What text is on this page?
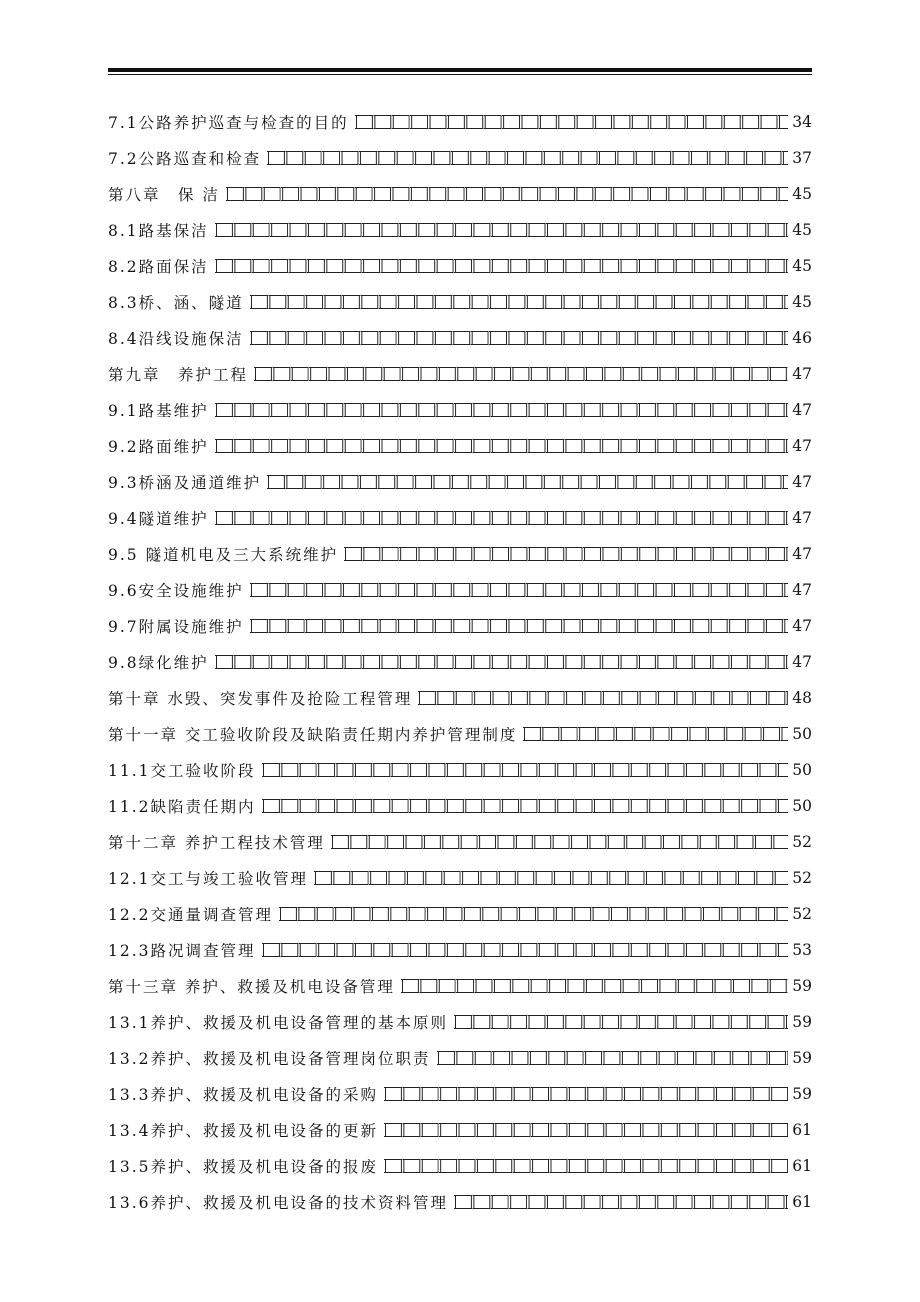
7.1公路养护巡查与检查的目的	34
7.2公路巡查和检查	37
第八章　保 洁	45
8.1路基保洁	45
8.2路面保洁	45
8.3桥、涵、隧道	45
8.4沿线设施保洁	46
第九章　养护工程	47
9.1路基维护	47
9.2路面维护	47
9.3桥涵及通道维护	47
9.4隧道维护	47
9.5 隧道机电及三大系统维护	47
9.6安全设施维护	47
9.7附属设施维护	47
9.8绿化维护	47
第十章 水毁、突发事件及抢险工程管理	48
第十一章 交工验收阶段及缺陷责任期内养护管理制度	50
11.1交工验收阶段	50
11.2缺陷责任期内	50
第十二章 养护工程技术管理	52
12.1交工与竣工验收管理	52
12.2交通量调查管理	52
12.3路况调查管理	53
第十三章 养护、救援及机电设备管理	59
13.1养护、救援及机电设备管理的基本原则	59
13.2养护、救援及机电设备管理岗位职责	59
13.3养护、救援及机电设备的采购	59
13.4养护、救援及机电设备的更新	61
13.5养护、救援及机电设备的报废	61
13.6养护、救援及机电设备的技术资料管理	61
